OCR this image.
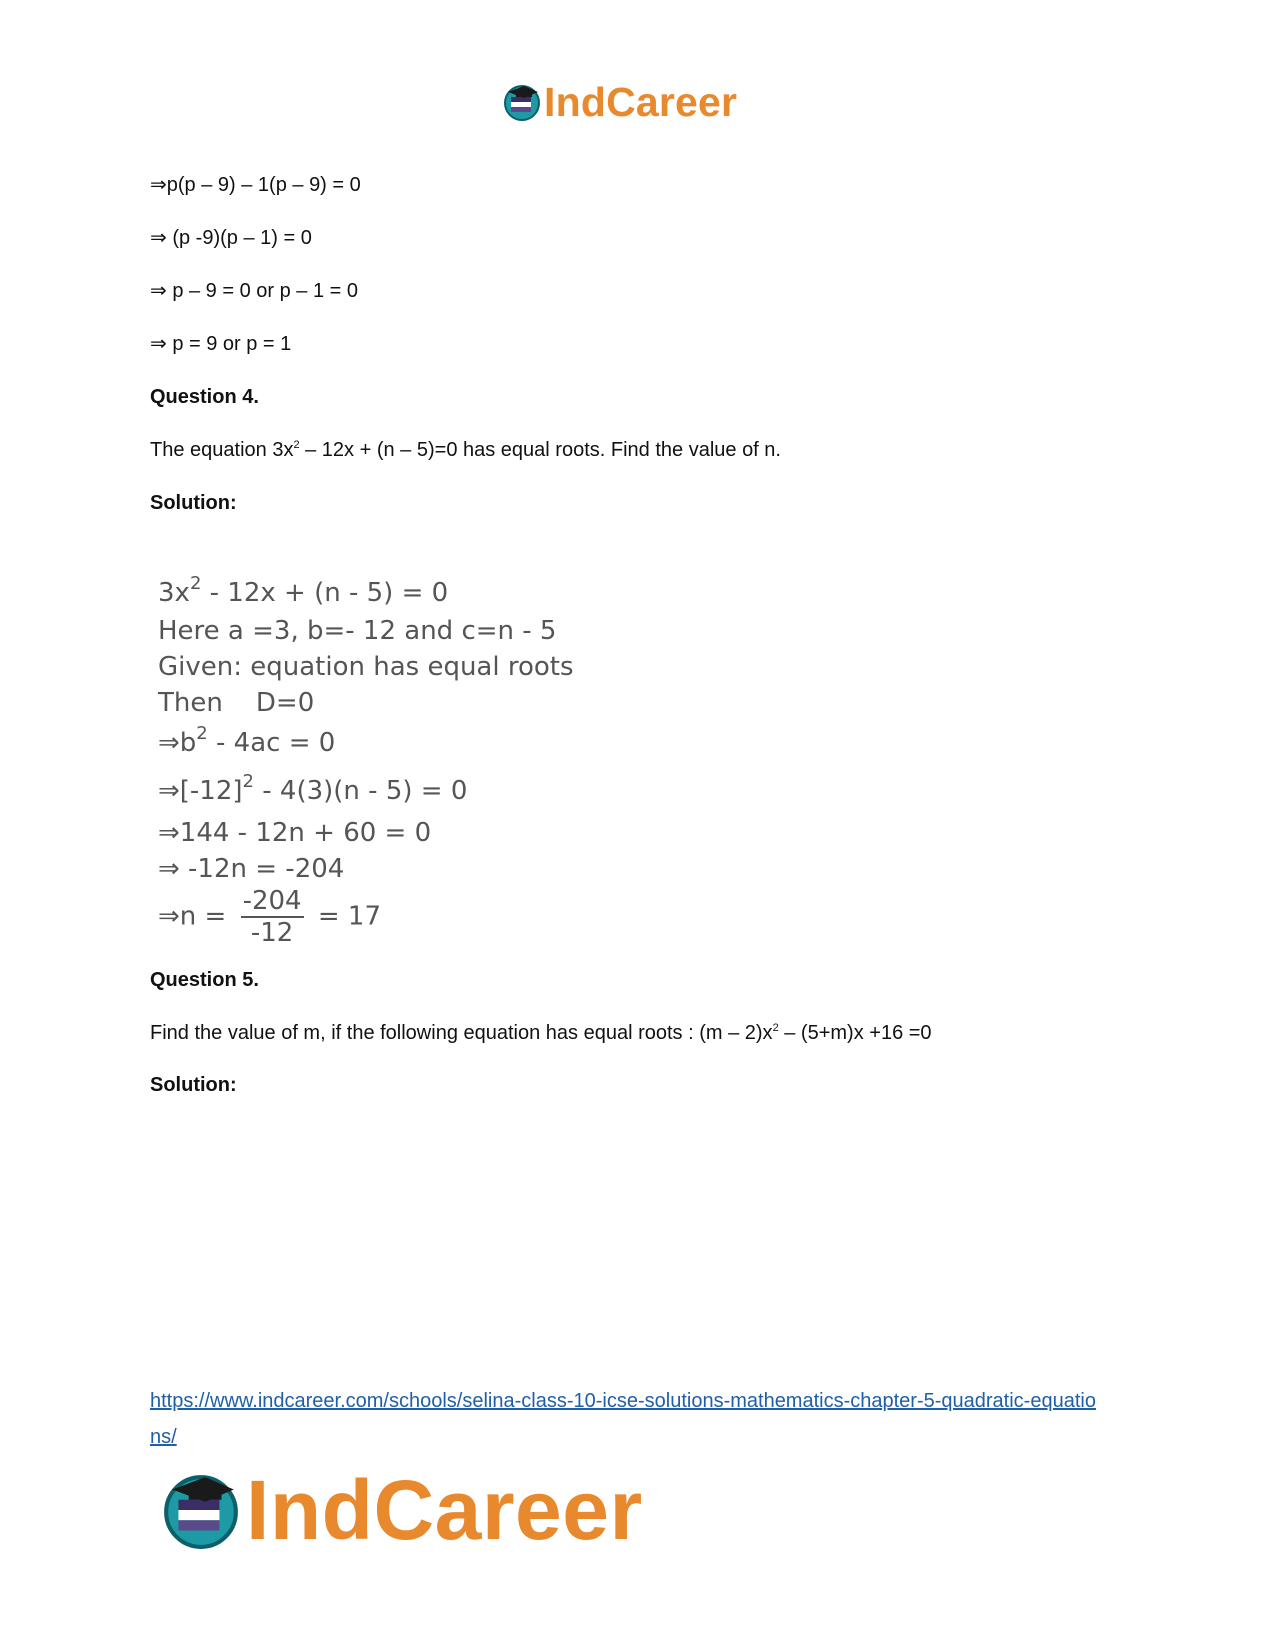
IndCareer
⇒p(p – 9) – 1(p – 9) = 0
⇒ (p -9)(p – 1) = 0
⇒ p – 9 = 0 or p – 1 = 0
⇒ p = 9 or p = 1
Question 4.
The equation $3x^2 - 12x + (n - 5)=0$ has equal roots. Find the value of n.
Solution:
$3x^2 - 12x + (n - 5) = 0$
Here a =3, b=- 12 and c=n - 5
Given: equation has equal roots
Then    D=0
$\Rightarrow b^2 - 4ac = 0$
$\Rightarrow[-12]^2 - 4(3)(n - 5) = 0$
⇒144 - 12n + 60 = 0
⇒ -12n = -204
⇒n = $\frac{-204}{-12} = 17$
Question 5.
Find the value of m, if the following equation has equal roots : $(m - 2)x^2 - (5+m)x +16 =0$
Solution:
https://www.indcareer.com/schools/selina-class-10-icse-solutions-mathematics-chapter-5-quadratic-equations/
IndCareer
